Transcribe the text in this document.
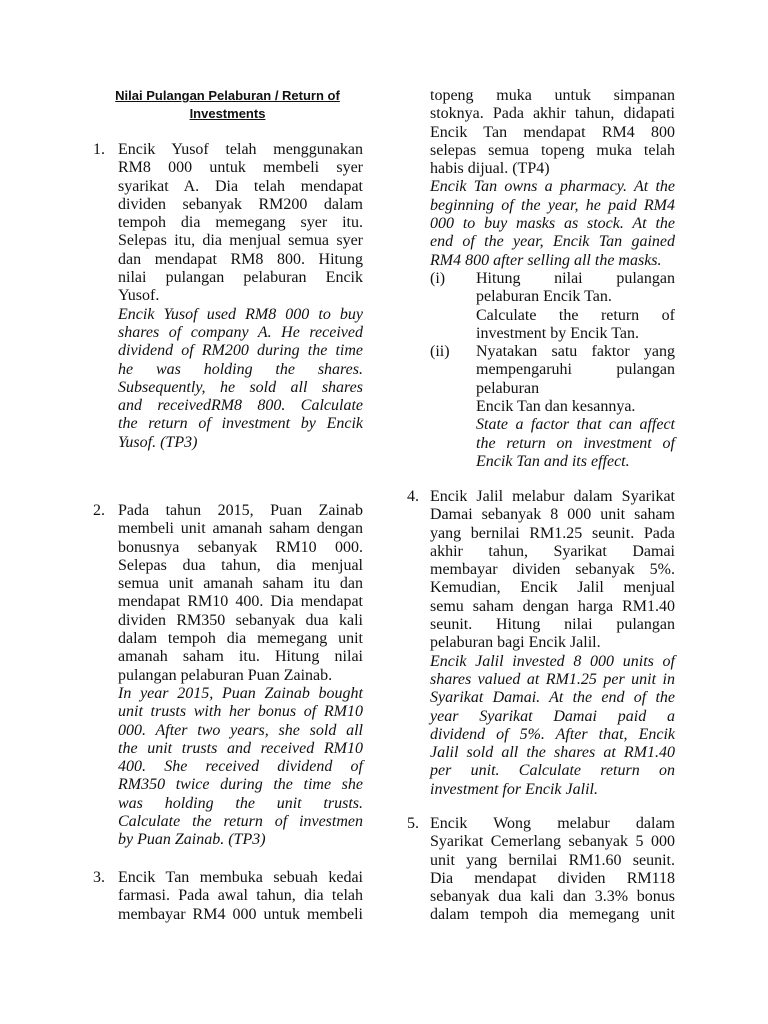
Nilai Pulangan Pelaburan / Return of
Investments
1. Encik Yusof telah menggunakan
RM8 000 untuk membeli syer
syarikat A. Dia telah mendapat
dividen sebanyak RM200 dalam
tempoh dia memegang syer itu.
Selepas itu, dia menjual semua syer
dan mendapat RM8 800. Hitung
nilai pulangan pelaburan Encik
Yusof.
Encik Yusof used RM8 000 to buy
shares of company A. He received
dividend of RM200 during the time
he was holding the shares.
Subsequently, he sold all shares
and receivedRM8 800. Calculate
the return of investment by Encik
Yusof. (TP3)
2. Pada tahun 2015, Puan Zainab
membeli unit amanah saham dengan
bonusnya sebanyak RM10 000.
Selepas dua tahun, dia menjual
semua unit amanah saham itu dan
mendapat RM10 400. Dia mendapat
dividen RM350 sebanyak dua kali
dalam tempoh dia memegang unit
amanah saham itu. Hitung nilai
pulangan pelaburan Puan Zainab.
In year 2015, Puan Zainab bought
unit trusts with her bonus of RM10
000. After two years, she sold all
the unit trusts and received RM10
400. She received dividend of
RM350 twice during the time she
was holding the unit trusts.
Calculate the return of investmen
by Puan Zainab. (TP3)
3. Encik Tan membuka sebuah kedai
farmasi. Pada awal tahun, dia telah
membayar RM4 000 untuk membeli
topeng muka untuk simpanan
stoknya. Pada akhir tahun, didapati
Encik Tan mendapat RM4 800
selepas semua topeng muka telah
habis dijual. (TP4)
Encik Tan owns a pharmacy. At the
beginning of the year, he paid RM4
000 to buy masks as stock. At the
end of the year, Encik Tan gained
RM4 800 after selling all the masks.
(i) Hitung nilai pulangan
pelaburan Encik Tan.
Calculate the return of
investment by Encik Tan.
(ii) Nyatakan satu faktor yang
mempengaruhi pulangan
pelaburan
Encik Tan dan kesannya.
State a factor that can affect
the return on investment of
Encik Tan and its effect.
4. Encik Jalil melabur dalam Syarikat
Damai sebanyak 8 000 unit saham
yang bernilai RM1.25 seunit. Pada
akhir tahun, Syarikat Damai
membayar dividen sebanyak 5%.
Kemudian, Encik Jalil menjual
semu saham dengan harga RM1.40
seunit. Hitung nilai pulangan
pelaburan bagi Encik Jalil.
Encik Jalil invested 8 000 units of
shares valued at RM1.25 per unit in
Syarikat Damai. At the end of the
year Syarikat Damai paid a
dividend of 5%. After that, Encik
Jalil sold all the shares at RM1.40
per unit. Calculate return on
investment for Encik Jalil.
5. Encik Wong melabur dalam
Syarikat Cemerlang sebanyak 5 000
unit yang bernilai RM1.60 seunit.
Dia mendapat dividen RM118
sebanyak dua kali dan 3.3% bonus
dalam tempoh dia memegang unit
